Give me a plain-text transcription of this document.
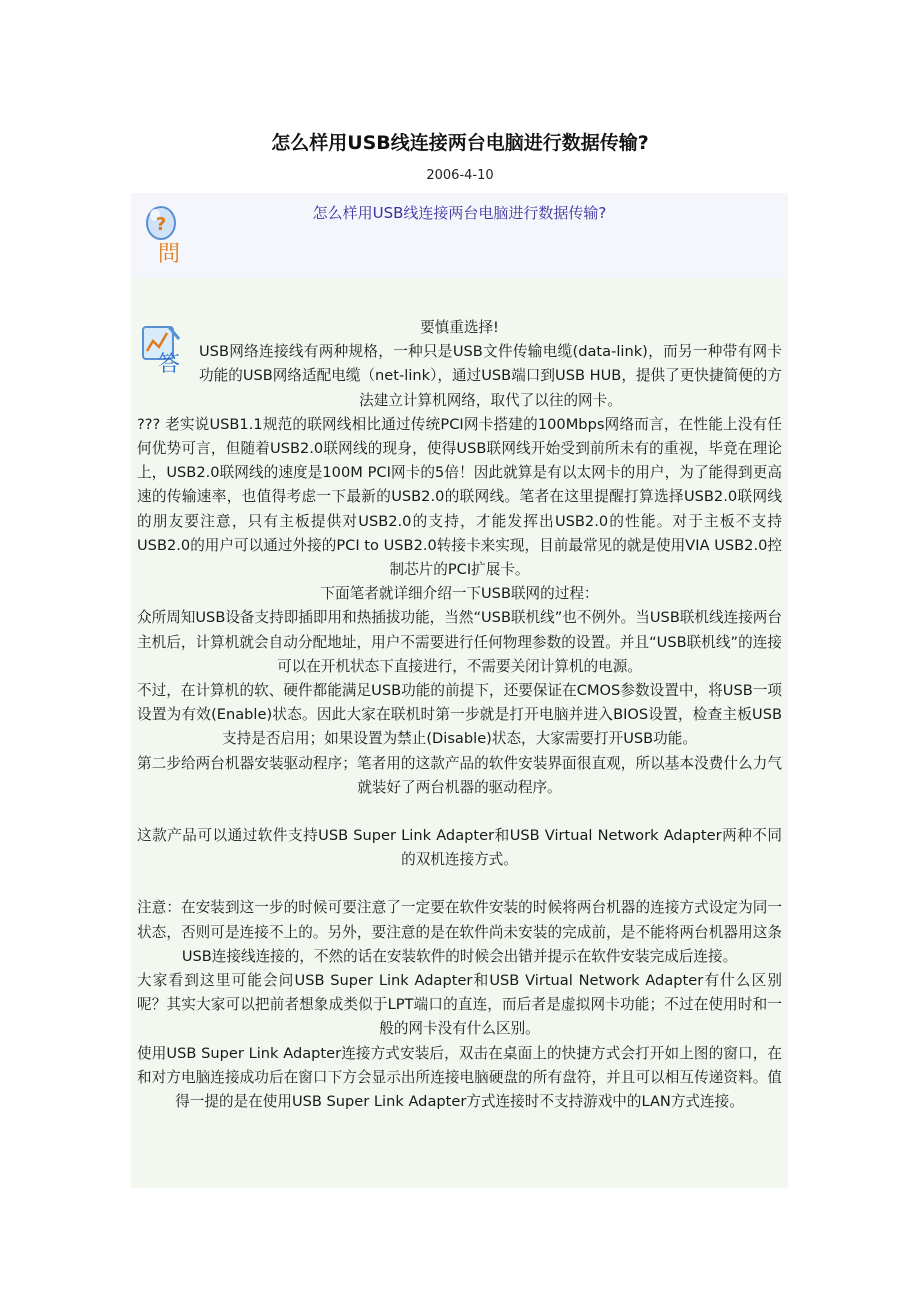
怎么样用USB线连接两台电脑进行数据传输?
2006-4-10
?
問
怎么样用USB线连接两台电脑进行数据传输?
答

要慎重选择!

USB网络连接线有两种规格，一种只是USB文件传输电缆(data-link)，而另一种带有网卡功能的USB网络适配电缆（net-link），通过USB端口到USB HUB，提供了更快捷简便的方法建立计算机网络，取代了以往的网卡。

??? 老实说USB1.1规范的联网线相比通过传统PCI网卡搭建的100Mbps网络而言，在性能上没有任何优势可言，但随着USB2.0联网线的现身，使得USB联网线开始受到前所未有的重视，毕竟在理论上，USB2.0联网线的速度是100M PCI网卡的5倍！因此就算是有以太网卡的用户，为了能得到更高速的传输速率，也值得考虑一下最新的USB2.0的联网线。笔者在这里提醒打算选择USB2.0联网线的朋友要注意，只有主板提供对USB2.0的支持，才能发挥出USB2.0的性能。对于主板不支持USB2.0的用户可以通过外接的PCI to USB2.0转接卡来实现，目前最常见的就是使用VIA USB2.0控制芯片的PCI扩展卡。

下面笔者就详细介绍一下USB联网的过程：

众所周知USB设备支持即插即用和热插拔功能，当然“USB联机线”也不例外。当USB联机线连接两台主机后，计算机就会自动分配地址，用户不需要进行任何物理参数的设置。并且“USB联机线”的连接可以在开机状态下直接进行，不需要关闭计算机的电源。

不过，在计算机的软、硬件都能满足USB功能的前提下，还要保证在CMOS参数设置中，将USB一项设置为有效(Enable)状态。因此大家在联机时第一步就是打开电脑并进入BIOS设置，检查主板USB支持是否启用；如果设置为禁止(Disable)状态，大家需要打开USB功能。

第二步给两台机器安装驱动程序；笔者用的这款产品的软件安装界面很直观，所以基本没费什么力气就装好了两台机器的驱动程序。

这款产品可以通过软件支持USB Super Link Adapter和USB Virtual Network Adapter两种不同的双机连接方式。

注意：在安装到这一步的时候可要注意了一定要在软件安装的时候将两台机器的连接方式设定为同一状态，否则可是连接不上的。另外，要注意的是在软件尚未安装的完成前，是不能将两台机器用这条USB连接线连接的，不然的话在安装软件的时候会出错并提示在软件安装完成后连接。

大家看到这里可能会问USB Super Link Adapter和USB Virtual Network Adapter有什么区别呢？其实大家可以把前者想象成类似于LPT端口的直连，而后者是虚拟网卡功能；不过在使用时和一般的网卡没有什么区别。

使用USB Super Link Adapter连接方式安装后，双击在桌面上的快捷方式会打开如上图的窗口，在和对方电脑连接成功后在窗口下方会显示出所连接电脑硬盘的所有盘符，并且可以相互传递资料。值得一提的是在使用USB Super Link Adapter方式连接时不支持游戏中的LAN方式连接。
